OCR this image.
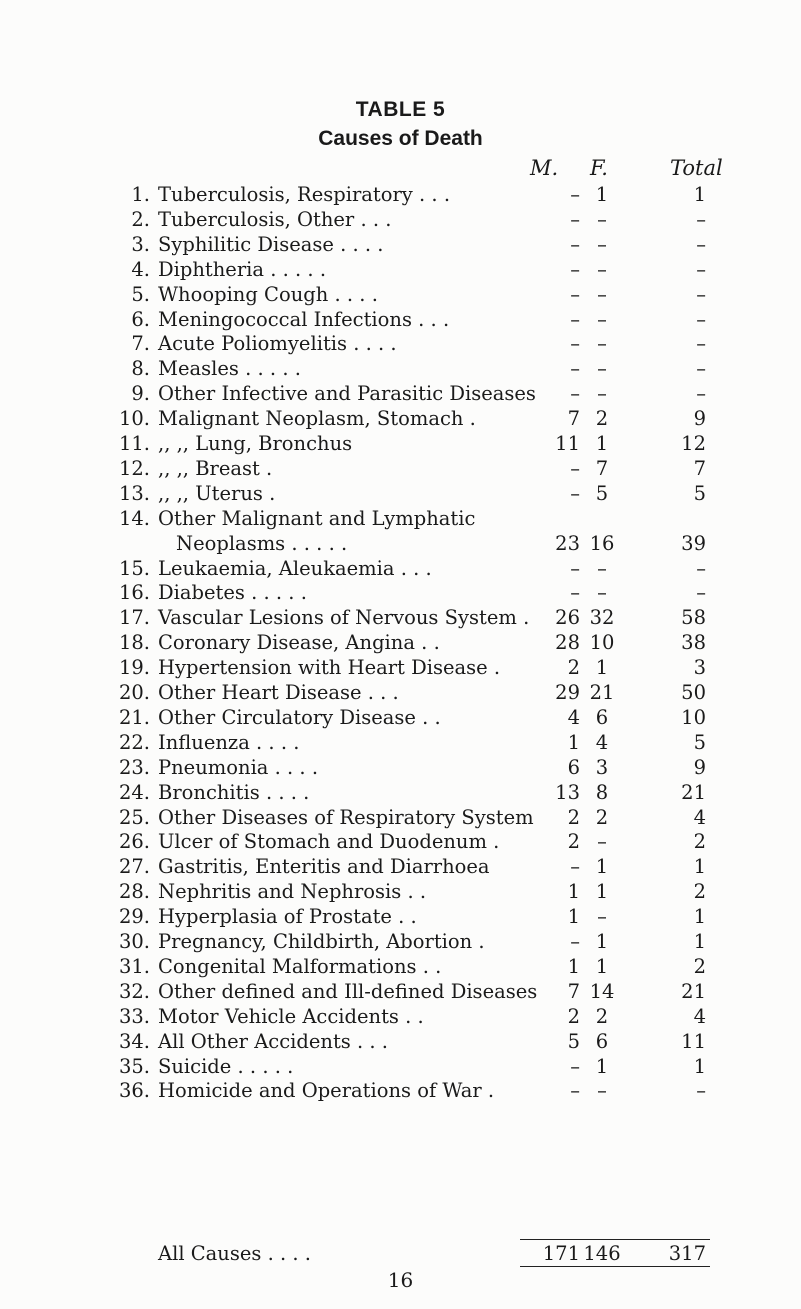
TABLE 5
Causes of Death
M. F.	Total
1. Tuberculosis, Respiratory . . .	– 1	1
2. Tuberculosis, Other . . .	– –	–
3. Syphilitic Disease . . . .	– –	–
4. Diphtheria . . . . .	– –	–
5. Whooping Cough . . . .	– –	–
6. Meningococcal Infections . . .	– –	–
7. Acute Poliomyelitis . . . .	– –	–
8. Measles . . . . .	– –	–
9. Other Infective and Parasitic Diseases	– –	–
10. Malignant Neoplasm, Stomach .	7 2	9
11. ,, ,, Lung, Bronchus	11 1	12
12. ,, ,, Breast .	– 7	7
13. ,, ,, Uterus .	– 5	5
14. Other Malignant and Lymphatic
Neoplasms . . . . .	23 16	39
15. Leukaemia, Aleukaemia . . .	– –	–
16. Diabetes . . . . .	– –	–
17. Vascular Lesions of Nervous System .	26 32	58
18. Coronary Disease, Angina . .	28 10	38
19. Hypertension with Heart Disease .	2 1	3
20. Other Heart Disease . . .	29 21	50
21. Other Circulatory Disease . .	4 6	10
22. Influenza . . . .	1 4	5
23. Pneumonia . . . .	6 3	9
24. Bronchitis . . . .	13 8	21
25. Other Diseases of Respiratory System	2 2	4
26. Ulcer of Stomach and Duodenum .	2 –	2
27. Gastritis, Enteritis and Diarrhoea	– 1	1
28. Nephritis and Nephrosis . .	1 1	2
29. Hyperplasia of Prostate . .	1 –	1
30. Pregnancy, Childbirth, Abortion .	– 1	1
31. Congenital Malformations . .	1 1	2
32. Other defined and Ill-defined Diseases	7 14	21
33. Motor Vehicle Accidents . .	2 2	4
34. All Other Accidents . . .	5 6	11
35. Suicide . . . . .	– 1	1
36. Homicide and Operations of War .	– –	–
All Causes . . . .	171 146	317
16
